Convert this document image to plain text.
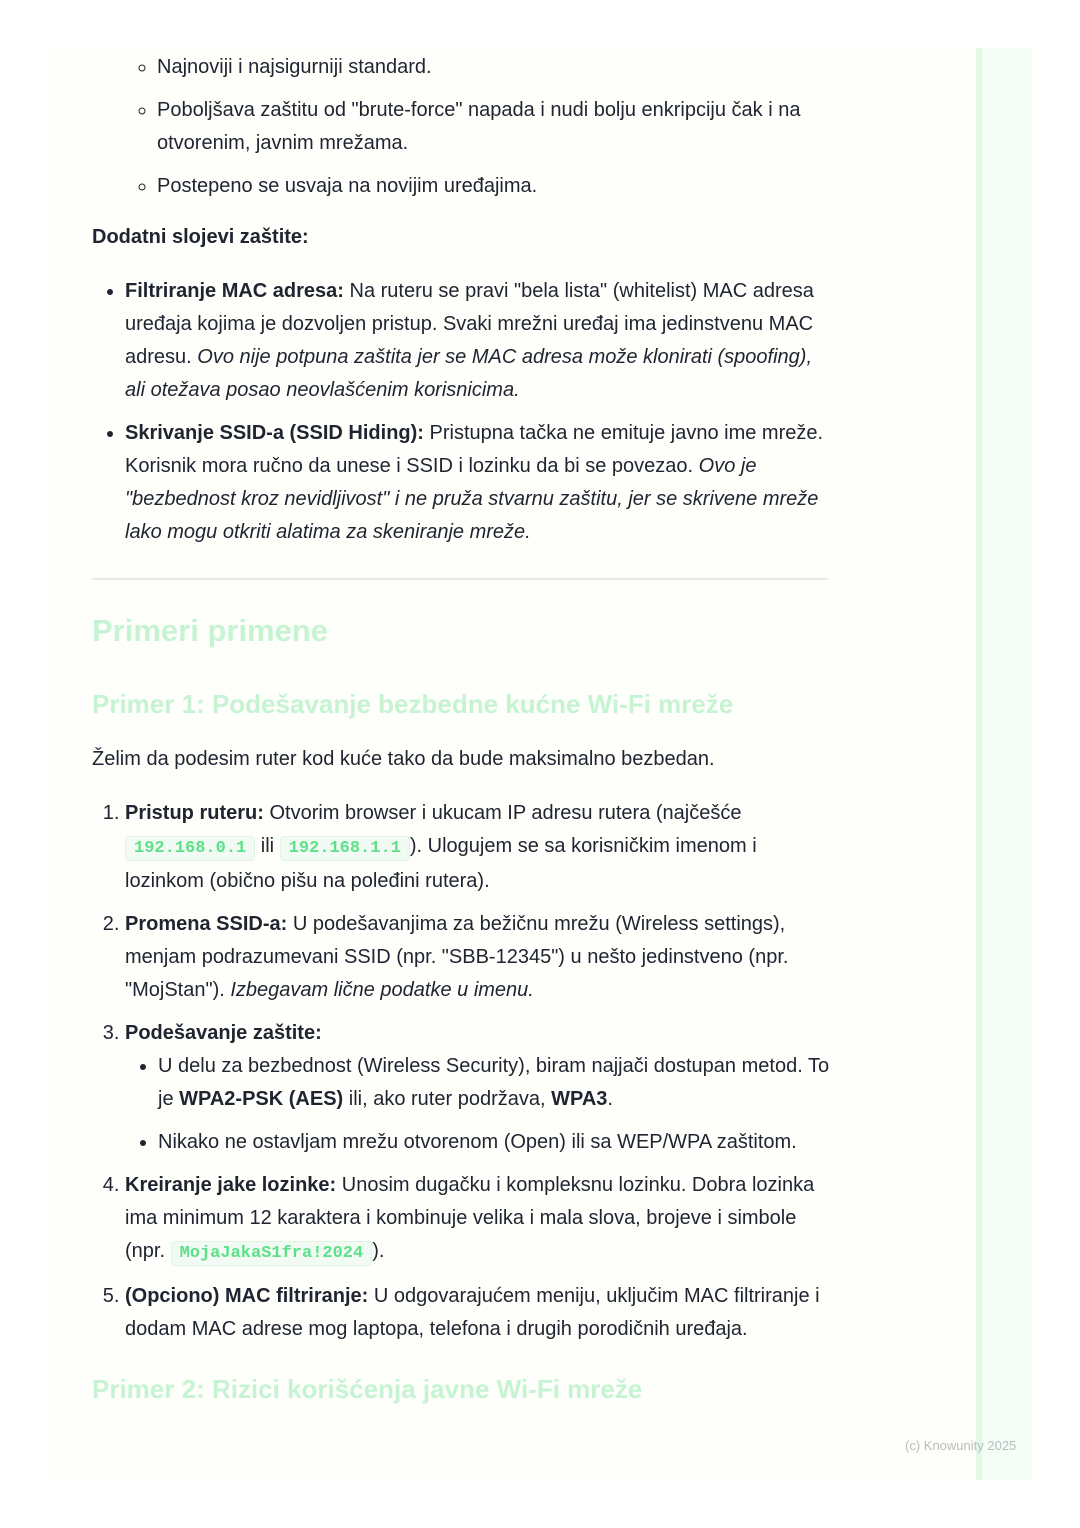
◦ Najnoviji i najsigurniji standard.
◦ Poboljšava zaštitu od "brute-force" napada i nudi bolju enkripciju čak i na otvorenim, javnim mrežama.
◦ Postepeno se usvaja na novijim uređajima.

Dodatni slojevi zaštite:

• Filtriranje MAC adresa: Na ruteru se pravi "bela lista" (whitelist) MAC adresa uređaja kojima je dozvoljen pristup. Svaki mrežni uređaj ima jedinstvenu MAC adresu. Ovo nije potpuna zaštita jer se MAC adresa može klonirati (spoofing), ali otežava posao neovlašćenim korisnicima.
• Skrivanje SSID-a (SSID Hiding): Pristupna tačka ne emituje javno ime mreže. Korisnik mora ručno da unese i SSID i lozinku da bi se povezao. Ovo je "bezbednost kroz nevidljivost" i ne pruža stvarnu zaštitu, jer se skrivene mreže lako mogu otkriti alatima za skeniranje mreže.
Primeri primene
Primer 1: Podešavanje bezbedne kućne Wi-Fi mreže

Želim da podesim ruter kod kuće tako da bude maksimalno bezbedan.

1. Pristup ruteru: Otvorim browser i ukucam IP adresu rutera (najčešće 192.168.0.1 ili 192.168.1.1 ). Ulogujem se sa korisničkim imenom i lozinkom (obično pišu na poleđini rutera).
2. Promena SSID-a: U podešavanjima za bežičnu mrežu (Wireless settings), menjam podrazumevani SSID (npr. "SBB-12345") u nešto jedinstveno (npr. "MojStan"). Izbegavam lične podatke u imenu.
3. Podešavanje zaštite:
• U delu za bezbednost (Wireless Security), biram najjači dostupan metod. To je WPA2-PSK (AES) ili, ako ruter podržava, WPA3.
• Nikako ne ostavljam mrežu otvorenom (Open) ili sa WEP/WPA zaštitom.
4. Kreiranje jake lozinke: Unosim dugačku i kompleksnu lozinku. Dobra lozinka ima minimum 12 karaktera i kombinuje velika i mala slova, brojeve i simbole (npr. MojaJakaS1fra!2024 ).
5. (Opciono) MAC filtriranje: U odgovarajućem meniju, uključim MAC filtriranje i dodam MAC adrese mog laptopa, telefona i drugih porodičnih uređaja.
Primer 2: Rizici korišćenja javne Wi-Fi mreže
(c) Knowunity 2025
